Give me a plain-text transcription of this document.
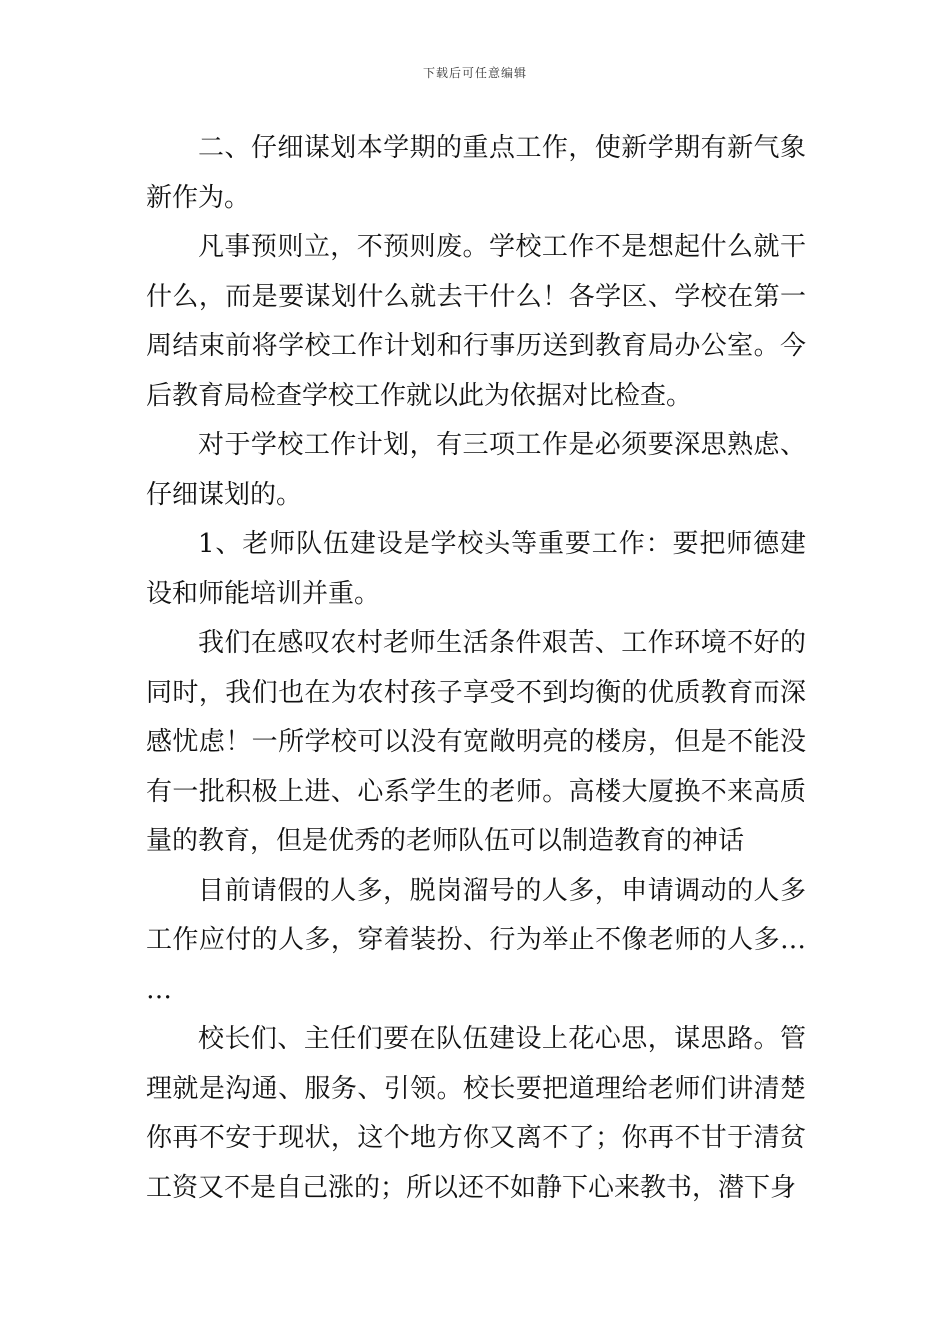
下载后可任意编辑

二、仔细谋划本学期的重点工作，使新学期有新气象新作为。

凡事预则立，不预则废。学校工作不是想起什么就干什么，而是要谋划什么就去干什么！各学区、学校在第一周结束前将学校工作计划和行事历送到教育局办公室。今后教育局检查学校工作就以此为依据对比检查。

对于学校工作计划，有三项工作是必须要深思熟虑、仔细谋划的。

1、老师队伍建设是学校头等重要工作：要把师德建设和师能培训并重。

我们在感叹农村老师生活条件艰苦、工作环境不好的同时，我们也在为农村孩子享受不到均衡的优质教育而深感忧虑！一所学校可以没有宽敞明亮的楼房，但是不能没有一批积极上进、心系学生的老师。高楼大厦换不来高质量的教育，但是优秀的老师队伍可以制造教育的神话

目前请假的人多，脱岗溜号的人多，申请调动的人多工作应付的人多，穿着装扮、行为举止不像老师的人多……

校长们、主任们要在队伍建设上花心思，谋思路。管理就是沟通、服务、引领。校长要把道理给老师们讲清楚你再不安于现状，这个地方你又离不了；你再不甘于清贫工资又不是自己涨的；所以还不如静下心来教书，潜下身
